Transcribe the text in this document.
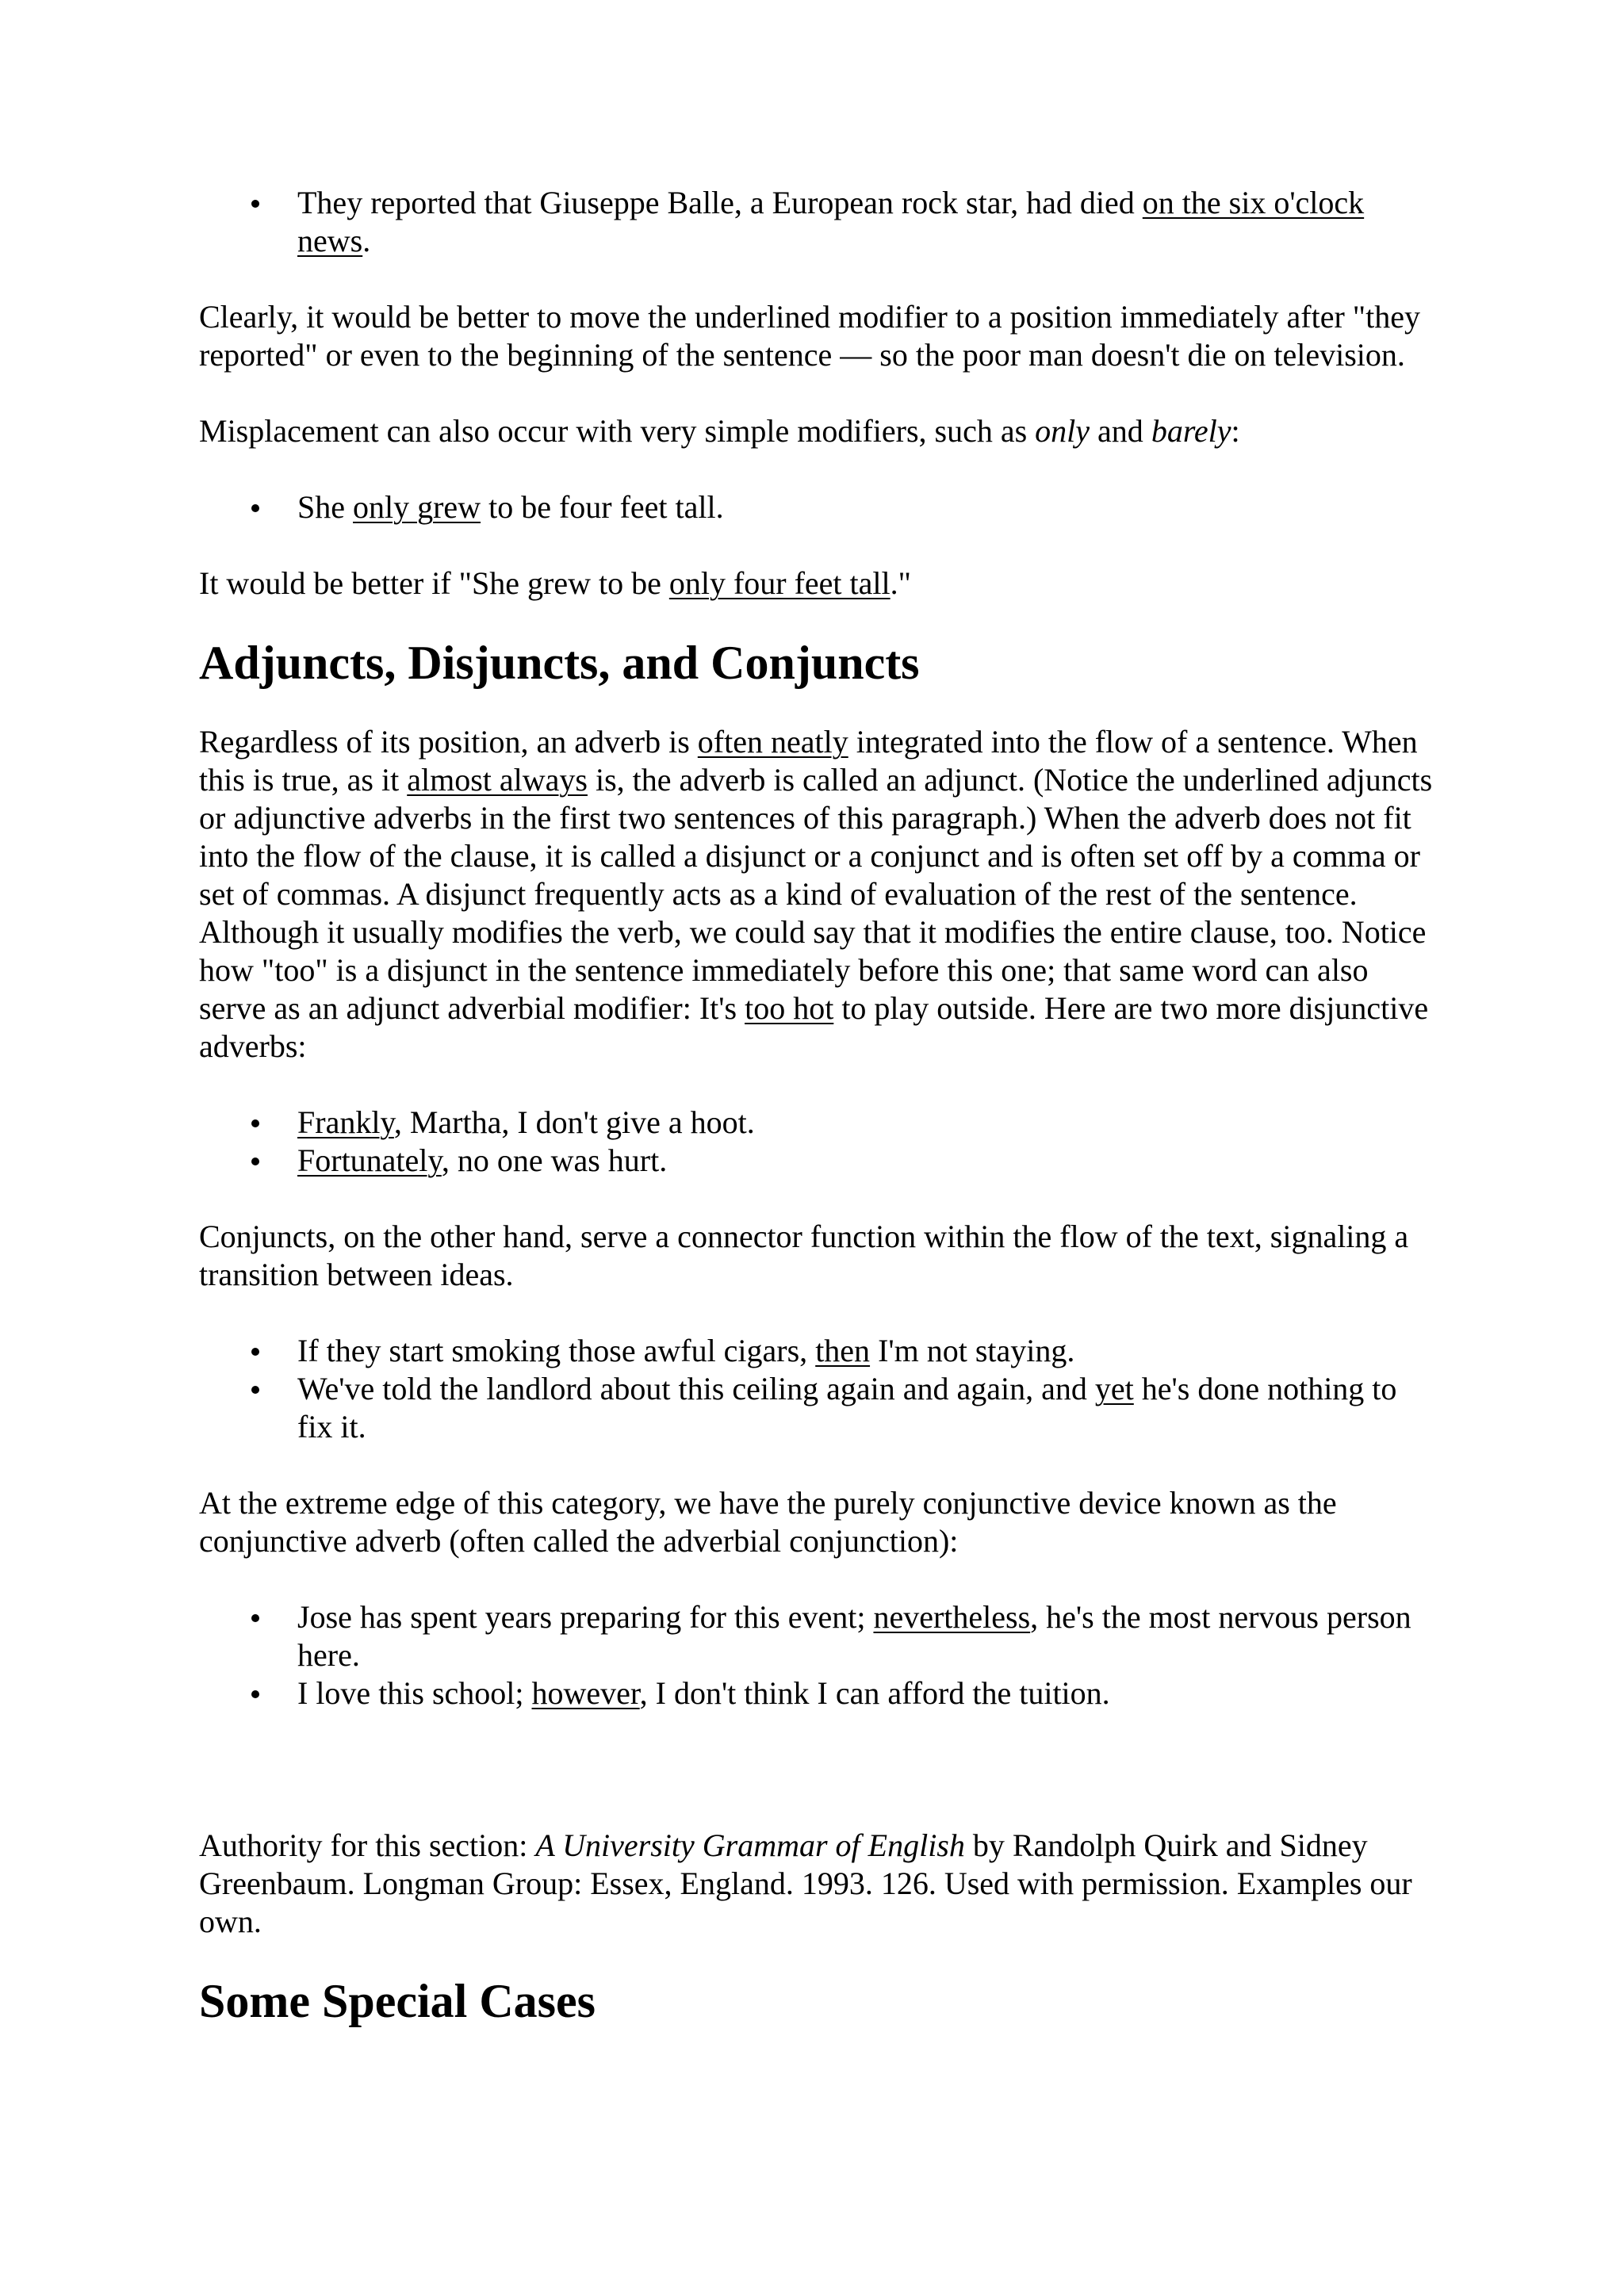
They reported that Giuseppe Balle, a European rock star, had died on the six o'clock news.

Clearly, it would be better to move the underlined modifier to a position immediately after "they reported" or even to the beginning of the sentence — so the poor man doesn't die on television.

Misplacement can also occur with very simple modifiers, such as only and barely:

She only grew to be four feet tall.

It would be better if "She grew to be only four feet tall."

Adjuncts, Disjuncts, and Conjuncts

Regardless of its position, an adverb is often neatly integrated into the flow of a sentence. When this is true, as it almost always is, the adverb is called an adjunct. (Notice the underlined adjuncts or adjunctive adverbs in the first two sentences of this paragraph.) When the adverb does not fit into the flow of the clause, it is called a disjunct or a conjunct and is often set off by a comma or set of commas. A disjunct frequently acts as a kind of evaluation of the rest of the sentence. Although it usually modifies the verb, we could say that it modifies the entire clause, too. Notice how "too" is a disjunct in the sentence immediately before this one; that same word can also serve as an adjunct adverbial modifier: It's too hot to play outside. Here are two more disjunctive adverbs:

Frankly, Martha, I don't give a hoot.
Fortunately, no one was hurt.

Conjuncts, on the other hand, serve a connector function within the flow of the text, signaling a transition between ideas.

If they start smoking those awful cigars, then I'm not staying.
We've told the landlord about this ceiling again and again, and yet he's done nothing to fix it.

At the extreme edge of this category, we have the purely conjunctive device known as the conjunctive adverb (often called the adverbial conjunction):

Jose has spent years preparing for this event; nevertheless, he's the most nervous person here.
I love this school; however, I don't think I can afford the tuition.

Authority for this section: A University Grammar of English by Randolph Quirk and Sidney Greenbaum. Longman Group: Essex, England. 1993. 126. Used with permission. Examples our own.

Some Special Cases
